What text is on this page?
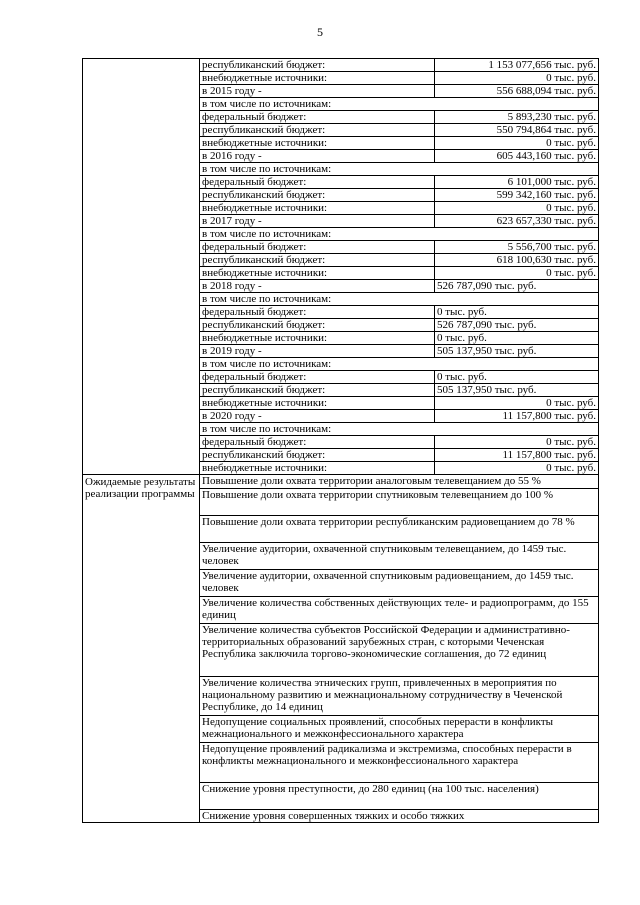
5
	республиканский бюджет:	1 153 077,656 тыс. руб.
	внебюджетные источники:	0 тыс. руб.
	в 2015 году -	556 688,094 тыс. руб.
	в том числе по источникам:	
	федеральный бюджет:	5 893,230 тыс. руб.
	республиканский бюджет:	550 794,864 тыс. руб.
	внебюджетные источники:	0 тыс. руб.
	в 2016 году -	605 443,160 тыс. руб.
	в том числе по источникам:	
	федеральный бюджет:	6 101,000 тыс. руб.
	республиканский бюджет:	599 342,160 тыс. руб.
	внебюджетные источники:	0 тыс. руб.
	в 2017 году -	623 657,330 тыс. руб.
	в том числе по источникам:	
	федеральный бюджет:	5 556,700 тыс. руб.
	республиканский бюджет:	618 100,630 тыс. руб.
	внебюджетные источники:	0 тыс. руб.
	в 2018 году -	526 787,090 тыс. руб.
	в том числе по источникам:	
	федеральный бюджет:	0 тыс. руб.
	республиканский бюджет:	526 787,090 тыс. руб.
	внебюджетные источники:	0 тыс. руб.
	в 2019 году -	505 137,950 тыс. руб.
	в том числе по источникам:	
	федеральный бюджет:	0 тыс. руб.
	республиканский бюджет:	505 137,950 тыс. руб.
	внебюджетные источники:	0 тыс. руб.
	в 2020 году -	11 157,800 тыс. руб.
	в том числе по источникам:	
	федеральный бюджет:	0 тыс. руб.
	республиканский бюджет:	11 157,800 тыс. руб.
	внебюджетные источники:	0 тыс. руб.
Ожидаемые результаты реализации программы	Повышение доли охвата территории аналоговым телевещанием до 55 %	
	Повышение доли охвата территории спутниковым телевещанием до 100 %	
	Повышение доли охвата территории республиканским радиовещанием до 78 %	
	Увеличение аудитории, охваченной спутниковым телевещанием, до 1459 тыс. человек	
	Увеличение аудитории, охваченной спутниковым радиовещанием, до 1459 тыс. человек	
	Увеличение количества собственных действующих теле- и радиопрограмм, до 155 единиц	
	Увеличение количества субъектов Российской Федерации и административно-территориальных образований зарубежных стран, с которыми Чеченская Республика заключила торгово-экономические соглашения, до 72 единиц	
	Увеличение количества этнических групп, привлеченных в мероприятия по национальному развитию и межнациональному сотрудничеству в Чеченской Республике, до 14 единиц	
	Недопущение социальных проявлений, способных перерасти в конфликты межнационального и межконфессионального характера	
	Недопущение проявлений радикализма и экстремизма, способных перерасти в конфликты межнационального и межконфессионального характера	
	Снижение уровня преступности, до 280 единиц (на 100 тыс. населения)	
	Снижение уровня совершенных тяжких и особо тяжких	
